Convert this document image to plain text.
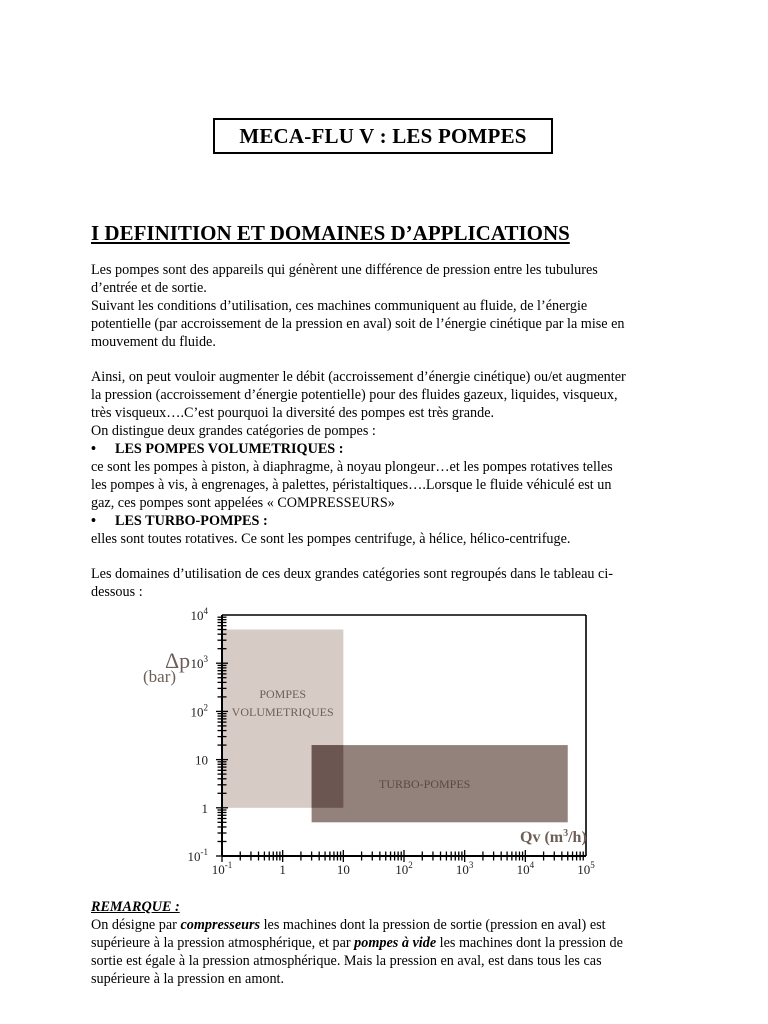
MECA-FLU V : LES POMPES
I DEFINITION ET DOMAINES D’APPLICATIONS

Les pompes sont des appareils qui génèrent une différence de pression entre les tubulures

d’entrée et de sortie.

Suivant les conditions d’utilisation, ces machines communiquent au fluide, de l’énergie

potentielle (par accroissement de la pression en aval) soit de l’énergie cinétique par la mise en

mouvement du fluide.

Ainsi, on peut vouloir augmenter le débit (accroissement d’énergie cinétique) ou/et augmenter

la pression (accroissement d’énergie potentielle) pour des fluides gazeux, liquides, visqueux,

très visqueux….C’est pourquoi la diversité des pompes est très grande.

On distingue deux grandes catégories de pompes :

•	LES POMPES VOLUMETRIQUES :

ce sont les pompes à piston, à diaphragme, à noyau plongeur…et les pompes rotatives telles

les pompes à vis, à engrenages, à palettes, péristaltiques….Lorsque le fluide véhiculé est un

gaz, ces pompes sont appelées « COMPRESSEURS»

•	LES TURBO-POMPES :

elles sont toutes rotatives. Ce sont les pompes centrifuge, à hélice, hélico-centrifuge.

Les domaines d’utilisation de ces deux grandes catégories sont regroupés dans le tableau ci-

dessous :

POMPES
VOLUMETRIQUES
TURBO-POMPES
$10^{-1}$	1	10	$10^2$	$10^3$	$10^4$	$10^5$
$10^{-1}$
1
10
$10^2$
$10^3$
$10^4$
Δp
(bar)
Qv $(m^3/h)$

REMARQUE :

On désigne par compresseurs les machines dont la pression de sortie (pression en aval) est

supérieure à la pression atmosphérique, et par pompes à vide les machines dont la pression de

sortie est égale à la pression atmosphérique. Mais la pression en aval, est dans tous les cas

supérieure à la pression en amont.
